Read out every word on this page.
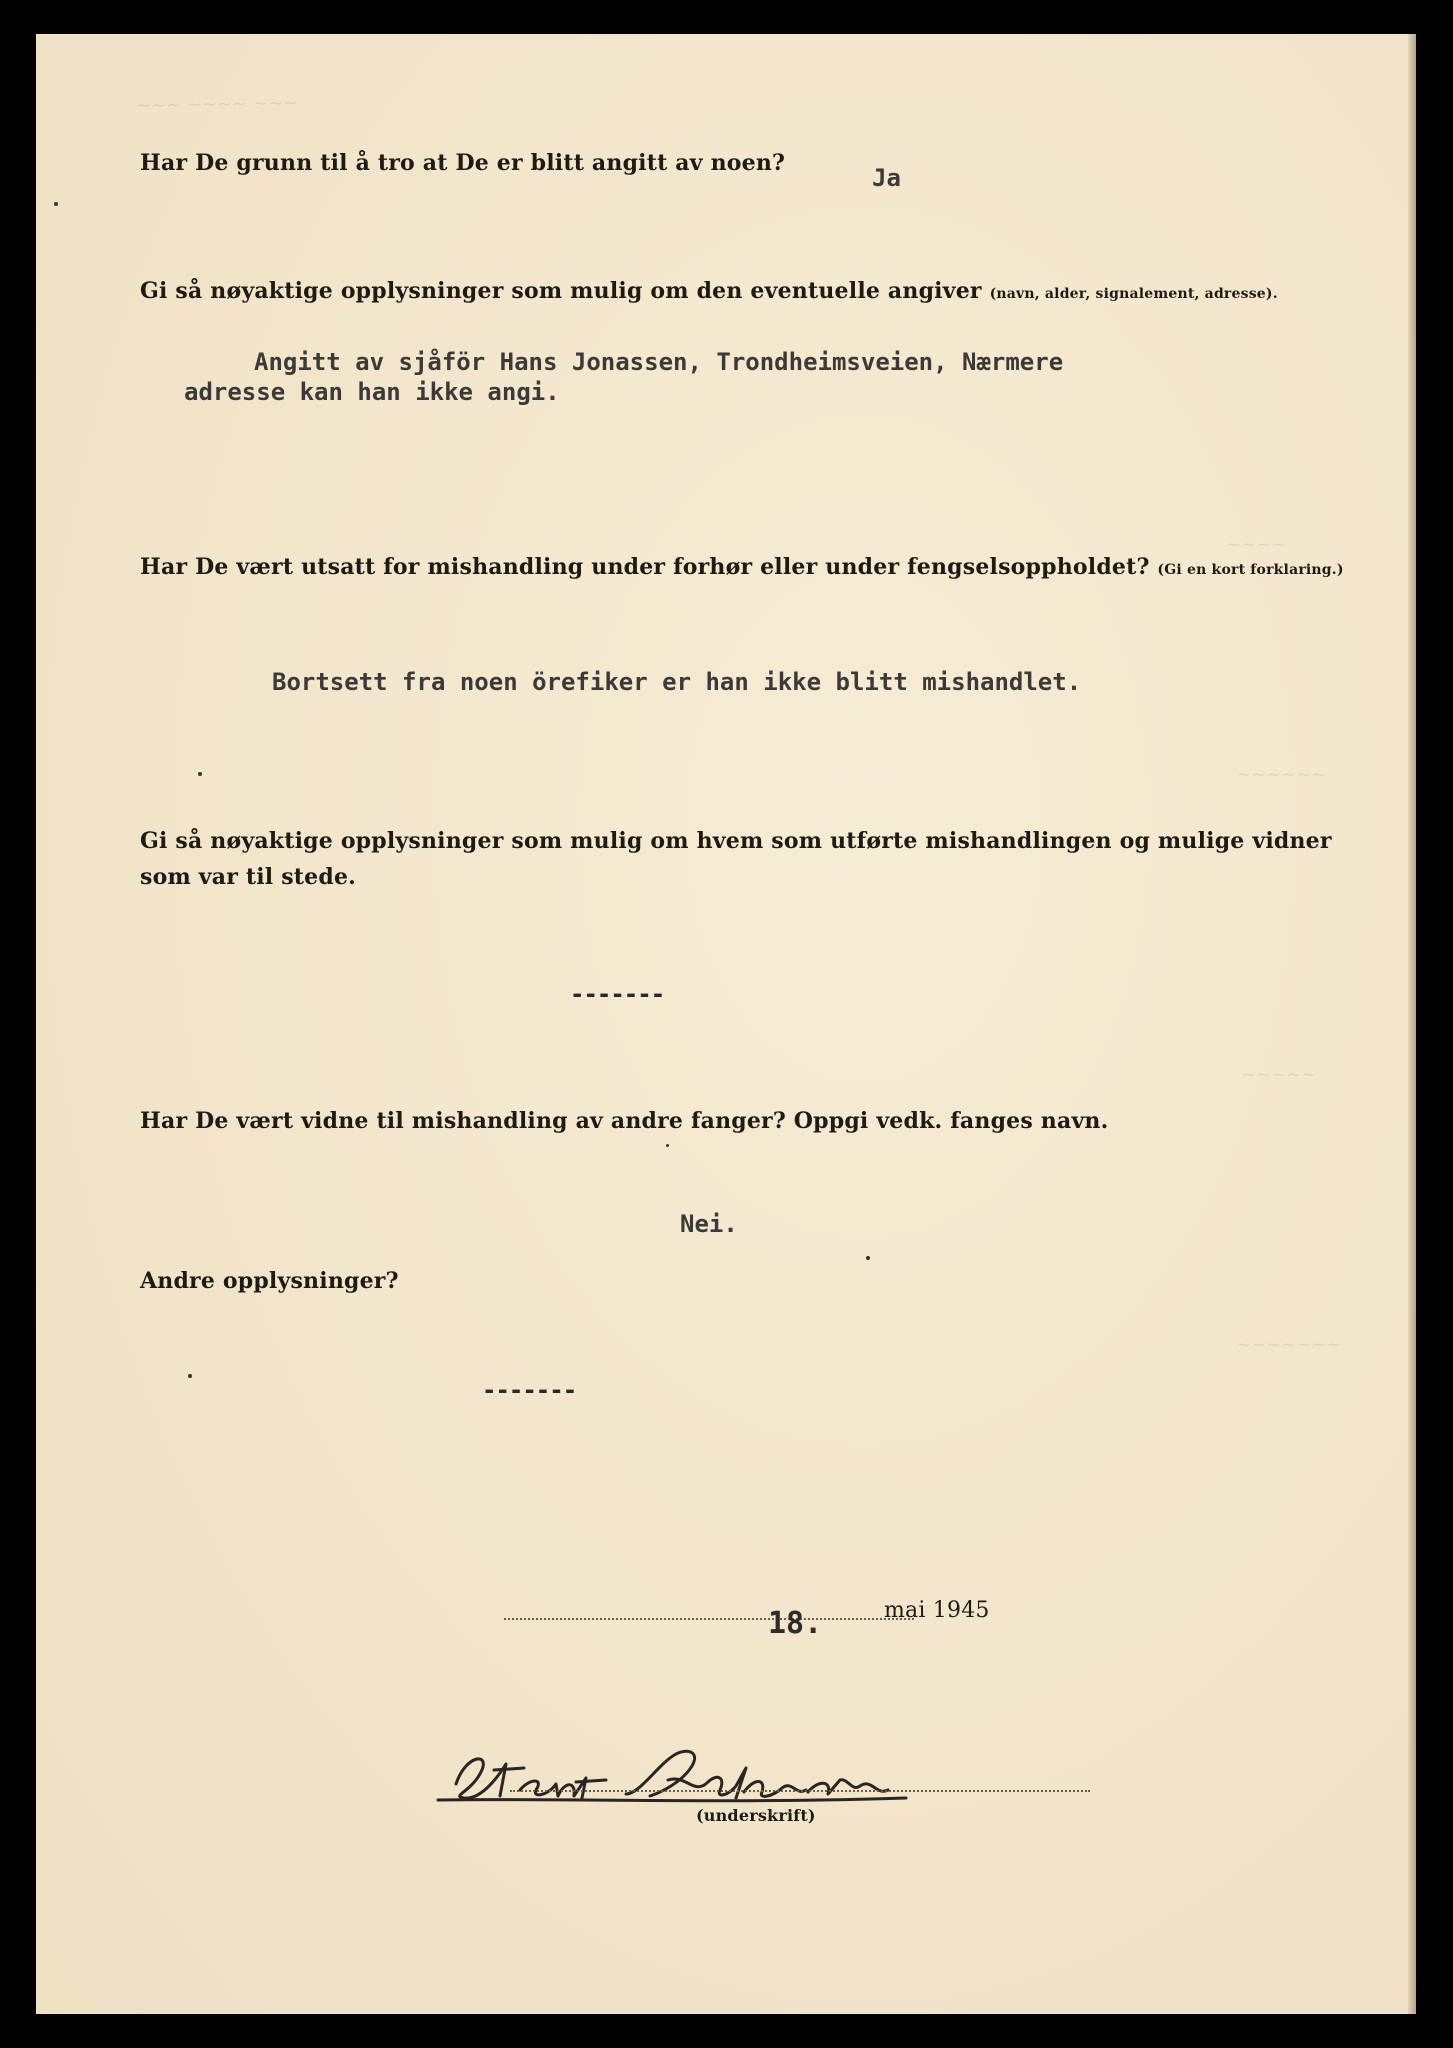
~~~ ~~~~ ~~~
~~~~
~~~~~~
~~~~~
~~~~~~~

Har De grunn til å tro at De er blitt angitt av noen?

Ja

Gi så nøyaktige opplysninger som mulig om den eventuelle angiver (navn, alder, signalement, adresse).

Angitt av sjåför Hans Jonassen, Trondheimsveien, Nærmere

adresse kan han ikke angi.

Har De vært utsatt for mishandling under forhør eller under fengselsoppholdet? (Gi en kort forklaring.)

Bortsett fra noen örefiker er han ikke blitt mishandlet.

Gi så nøyaktige opplysninger som mulig om hvem som utførte mishandlingen og mulige vidner

som var til stede.

-------

Har De vært vidne til mishandling av andre fanger? Oppgi vedk. fanges navn.

Nei.

Andre opplysninger?

-------

18.	mai 1945

(underskrift)
